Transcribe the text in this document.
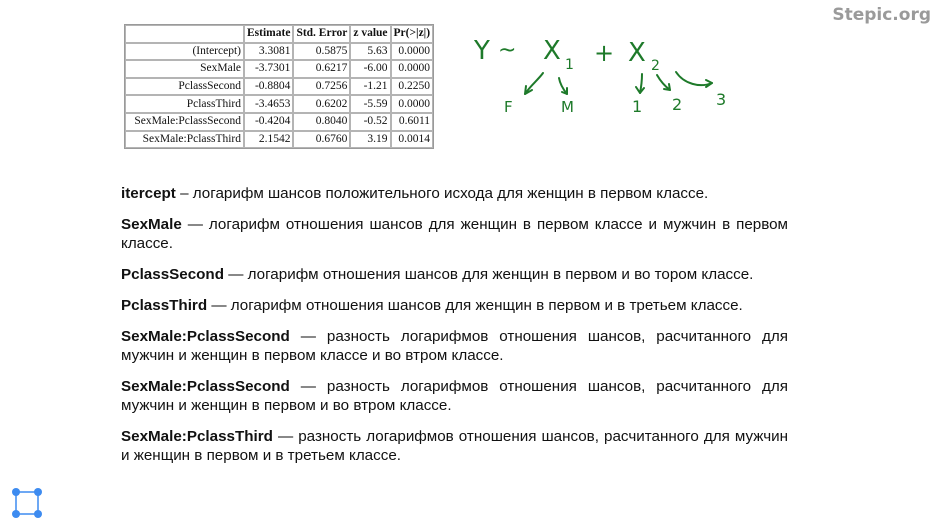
Stepic.org
	Estimate	Std. Error	z value	Pr(>|z|)
(Intercept)	3.3081	0.5875	5.63	0.0000
SexMale	-3.7301	0.6217	-6.00	0.0000
PclassSecond	-0.8804	0.7256	-1.21	0.2250
PclassThird	-3.4653	0.6202	-5.59	0.0000
SexMale:PclassSecond	-0.4204	0.8040	-0.52	0.6011
SexMale:PclassThird	2.1542	0.6760	3.19	0.0014
Y ~ X 1 + X 2
F	M	1 2 3

itercept – логарифм шансов положительного исхода для женщин в первом классе.

SexMale — логарифм отношения шансов для женщин в первом классе и мужчин в первом классе.

PclassSecond — логарифм отношения шансов для женщин в первом и во тором классе.

PclassThird — логарифм отношения шансов для женщин в первом и в третьем классе.

SexMale:PclassSecond — разность логарифмов отношения шансов, расчитанного для мужчин и женщин в первом классе и во втром классе.

SexMale:PclassSecond — разность логарифмов отношения шансов, расчитанного для мужчин и женщин в первом и во втром классе.

SexMale:PclassThird — разность логарифмов отношения шансов, расчитанного для мужчин и женщин в первом и в третьем классе.
